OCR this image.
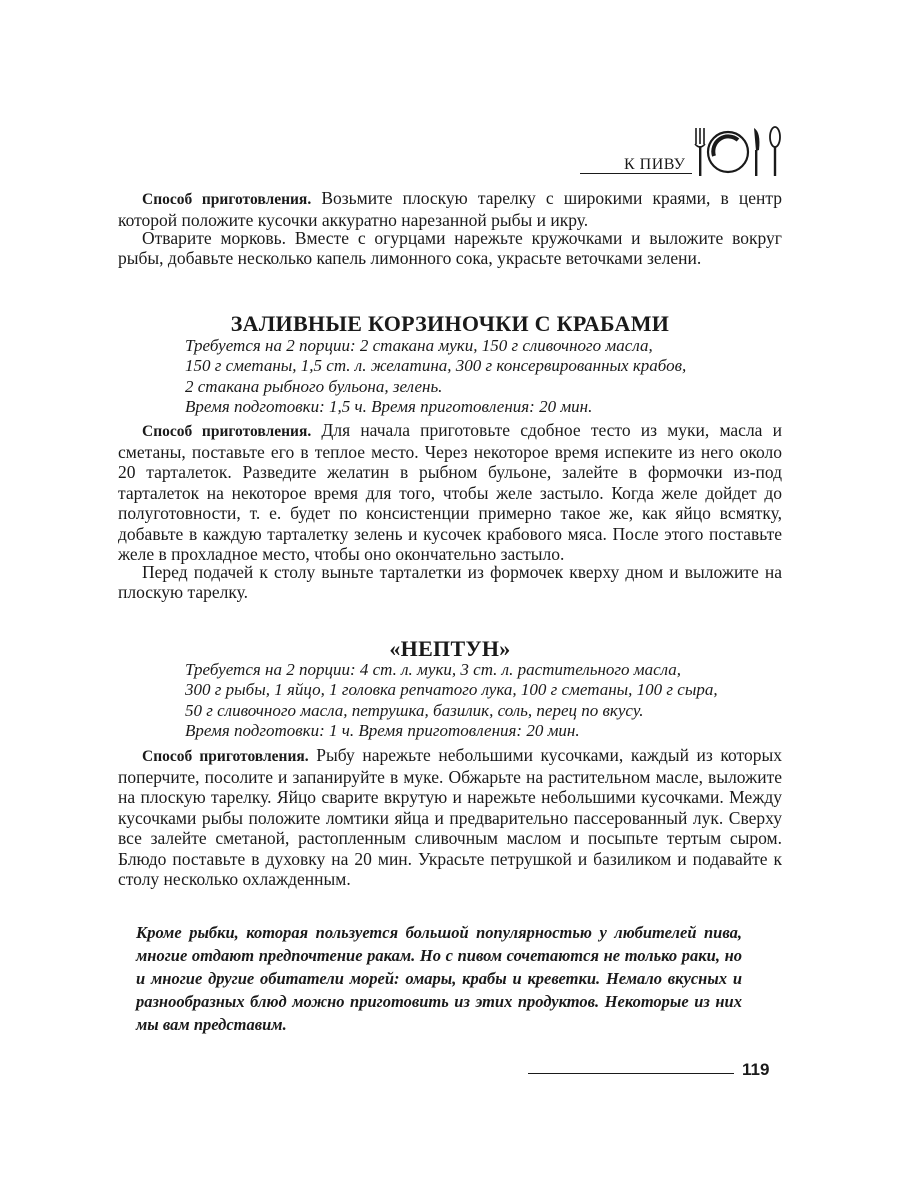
К ПИВУ

Способ приготовления. Возьмите плоскую тарелку с широкими краями, в центр которой положите кусочки аккуратно нарезанной рыбы и икру.

Отварите морковь. Вместе с огурцами нарежьте кружочками и выложите вокруг рыбы, добавьте несколько капель лимонного сока, украсьте веточками зелени.

ЗАЛИВНЫЕ КОРЗИНОЧКИ С КРАБАМИ
Требуется на 2 порции: 2 стакана муки, 150 г сливочного масла,
150 г сметаны, 1,5 ст. л. желатина, 300 г консервированных крабов,
2 стакана рыбного бульона, зелень.
Время подготовки: 1,5 ч. Время приготовления: 20 мин.

Способ приготовления. Для начала приготовьте сдобное тесто из муки, масла и сметаны, поставьте его в теплое место. Через некоторое время испеките из него около 20 тарталеток. Разведите желатин в рыбном бульоне, залейте в формочки из-под тарталеток на некоторое время для того, чтобы желе застыло. Когда желе дойдет до полуготовности, т. е. будет по консистенции примерно такое же, как яйцо всмятку, добавьте в каждую тарталетку зелень и кусочек крабового мяса. После этого поставьте желе в прохладное место, чтобы оно окончательно застыло.

Перед подачей к столу выньте тарталетки из формочек кверху дном и выложите на плоскую тарелку.

«НЕПТУН»
Требуется на 2 порции: 4 ст. л. муки, 3 ст. л. растительного масла,
300 г рыбы, 1 яйцо, 1 головка репчатого лука, 100 г сметаны, 100 г сыра,
50 г сливочного масла, петрушка, базилик, соль, перец по вкусу.
Время подготовки: 1 ч. Время приготовления: 20 мин.

Способ приготовления. Рыбу нарежьте небольшими кусочками, каждый из которых поперчите, посолите и запанируйте в муке. Обжарьте на растительном масле, выложите на плоскую тарелку. Яйцо сварите вкрутую и нарежьте небольшими кусочками. Между кусочками рыбы положите ломтики яйца и предварительно пассерованный лук. Сверху все залейте сметаной, растопленным сливочным маслом и посыпьте тертым сыром. Блюдо поставьте в духовку на 20 мин. Украсьте петрушкой и базиликом и подавайте к столу несколько охлажденным.

Кроме рыбки, которая пользуется большой популярностью у любителей пива, многие отдают предпочтение ракам. Но с пивом сочетаются не только раки, но и многие другие обитатели морей: омары, крабы и креветки. Немало вкусных и разнообразных блюд можно приготовить из этих продуктов. Некоторые из них мы вам представим.

119
